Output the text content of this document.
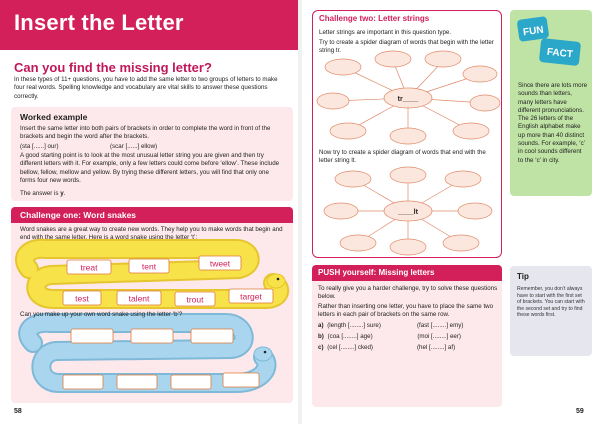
Insert the Letter
Can you find the missing letter?
In these types of 11+ questions, you have to add the same letter to two groups of letters to make four real words. Spelling knowledge and vocabulary are vital skills to answer these questions correctly.
Worked example
Insert the same letter into both pairs of brackets in order to complete the word in front of the brackets and begin the word after the brackets.
(sta [......] our)	(scar [......] ellow)
A good starting point is to look at the most unusual letter string you are given and then try different letters with it. For example, only a few letters could come before ‘ellow’. These include bellow, fellow, mellow and yellow. By trying these different letters, you will find that only one forms four new words.
The answer is y.
Challenge one: Word snakes
Word snakes are a great way to create new words. They help you to make words that begin and end with the same letter. Here is a word snake using the letter ‘t’:
treat	tent	tweet
test	talent	trout	target
Can you make up your own word snake using the letter ‘b’?
58
Challenge two: Letter strings
Letter strings are important in this question type.
Try to create a spider diagram of words that begin with the letter string tr.
tr____
____lt
Now try to create a spider diagram of words that end with the letter string lt.
PUSH yourself: Missing letters
To really give you a harder challenge, try to solve these questions below.
Rather than inserting one letter, you have to place the same two letters in each pair of brackets on the same row.
a) (length [........] sure)	(fast [........] emy)
b) (coa [........] age)	(moi [........] eer)
c) (cel [........] cked)	(hel [........] af)
FUN
FACT
Since there are lots more sounds than letters, many letters have different pronunciations. The 26 letters of the English alphabet make up more than 40 distinct sounds. For example, ‘c’ in cool sounds different to the ‘c’ in city.
Tip
Remember, you don’t always have to start with the first set of brackets. You can start with the second set and try to find these words first.
59
